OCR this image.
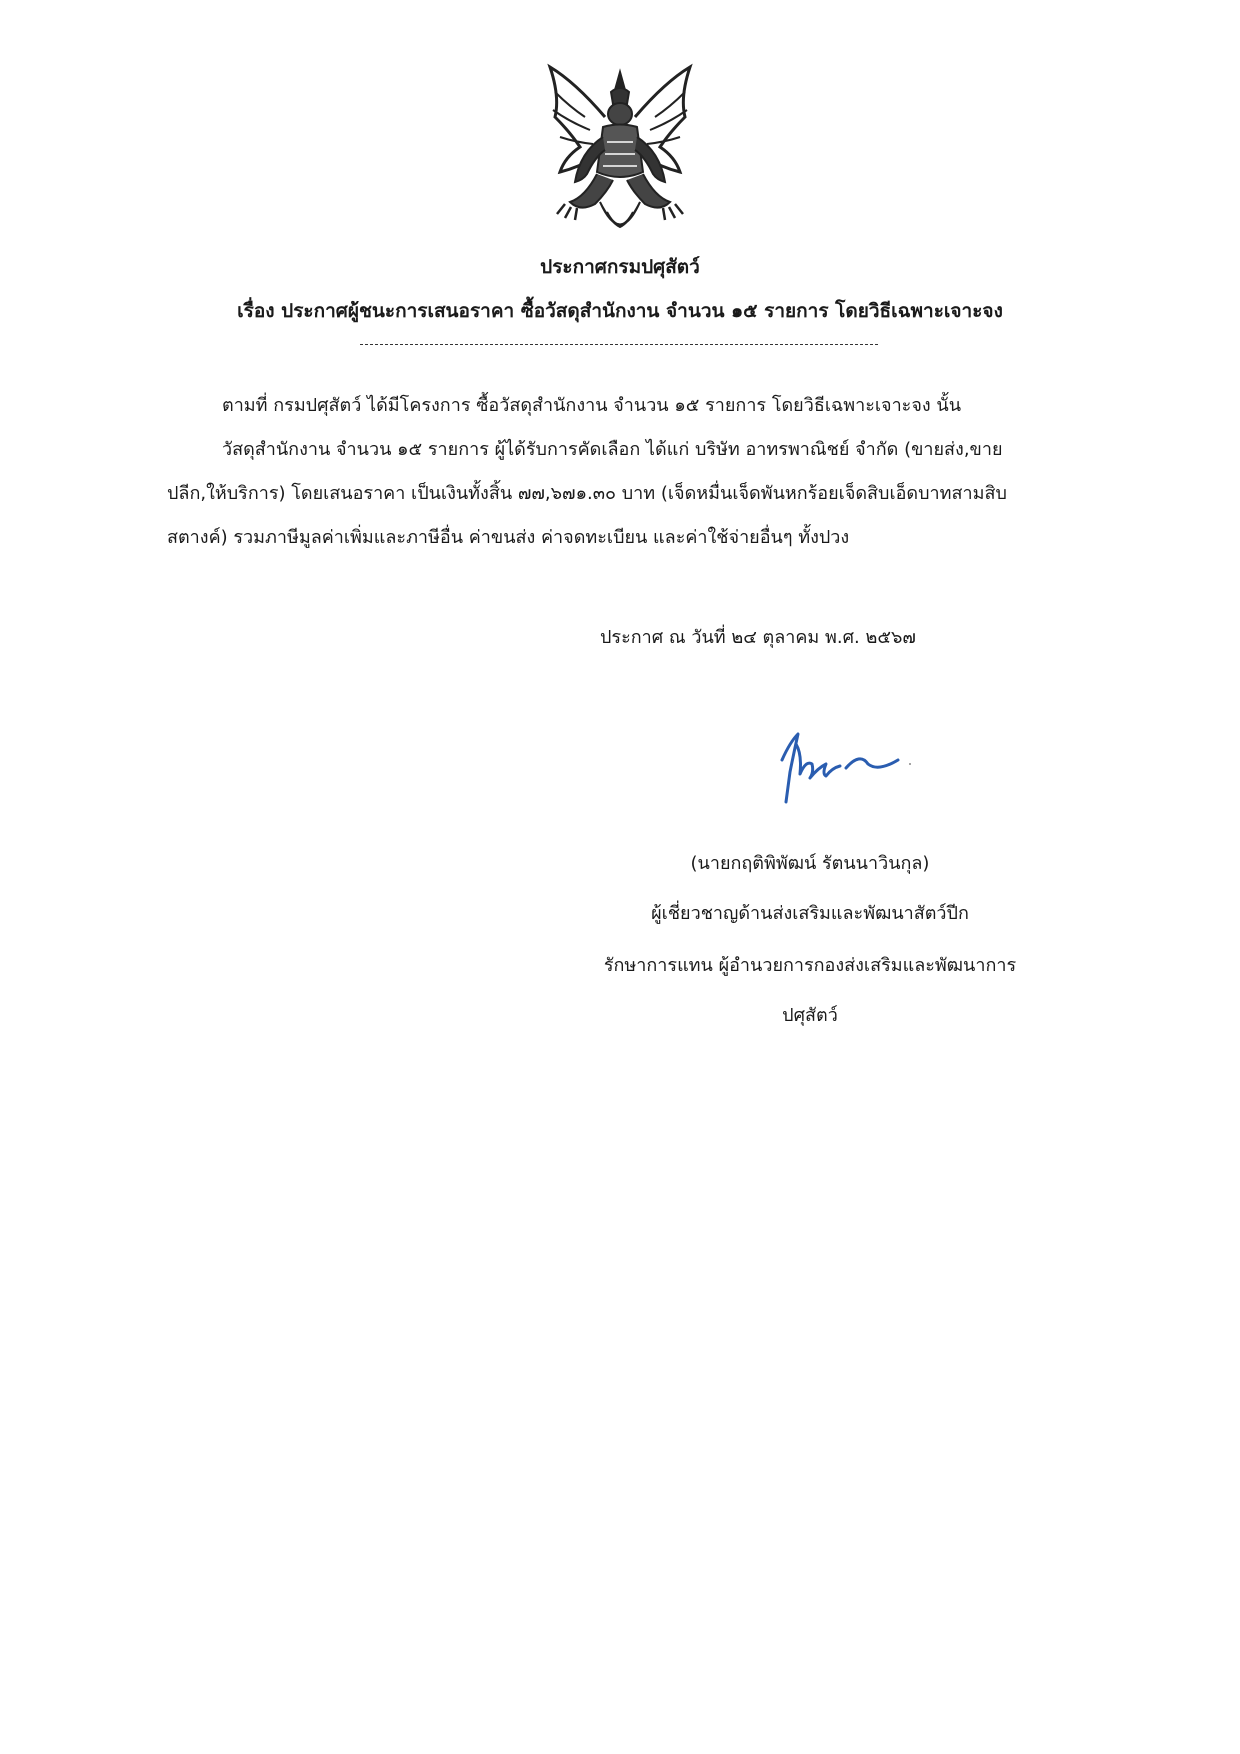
ประกาศกรมปศุสัตว์
เรื่อง ประกาศผู้ชนะการเสนอราคา ซื้อวัสดุสำนักงาน จำนวน ๑๕ รายการ โดยวิธีเฉพาะเจาะจง
ตามที่ กรมปศุสัตว์ ได้มีโครงการ ซื้อวัสดุสำนักงาน จำนวน ๑๕ รายการ โดยวิธีเฉพาะเจาะจง นั้น
วัสดุสำนักงาน จำนวน ๑๕ รายการ ผู้ได้รับการคัดเลือก ได้แก่ บริษัท อาทรพาณิชย์ จำกัด (ขายส่ง,ขาย
ปลีก,ให้บริการ) โดยเสนอราคา เป็นเงินทั้งสิ้น ๗๗,๖๗๑.๓๐ บาท (เจ็ดหมื่นเจ็ดพันหกร้อยเจ็ดสิบเอ็ดบาทสามสิบ
สตางค์) รวมภาษีมูลค่าเพิ่มและภาษีอื่น ค่าขนส่ง ค่าจดทะเบียน และค่าใช้จ่ายอื่นๆ ทั้งปวง
ประกาศ ณ วันที่ ๒๔ ตุลาคม พ.ศ. ๒๕๖๗
(นายกฤติพิพัฒน์ รัตนนาวินกุล)
ผู้เชี่ยวชาญด้านส่งเสริมและพัฒนาสัตว์ปีก
รักษาการแทน ผู้อำนวยการกองส่งเสริมและพัฒนาการ
ปศุสัตว์
